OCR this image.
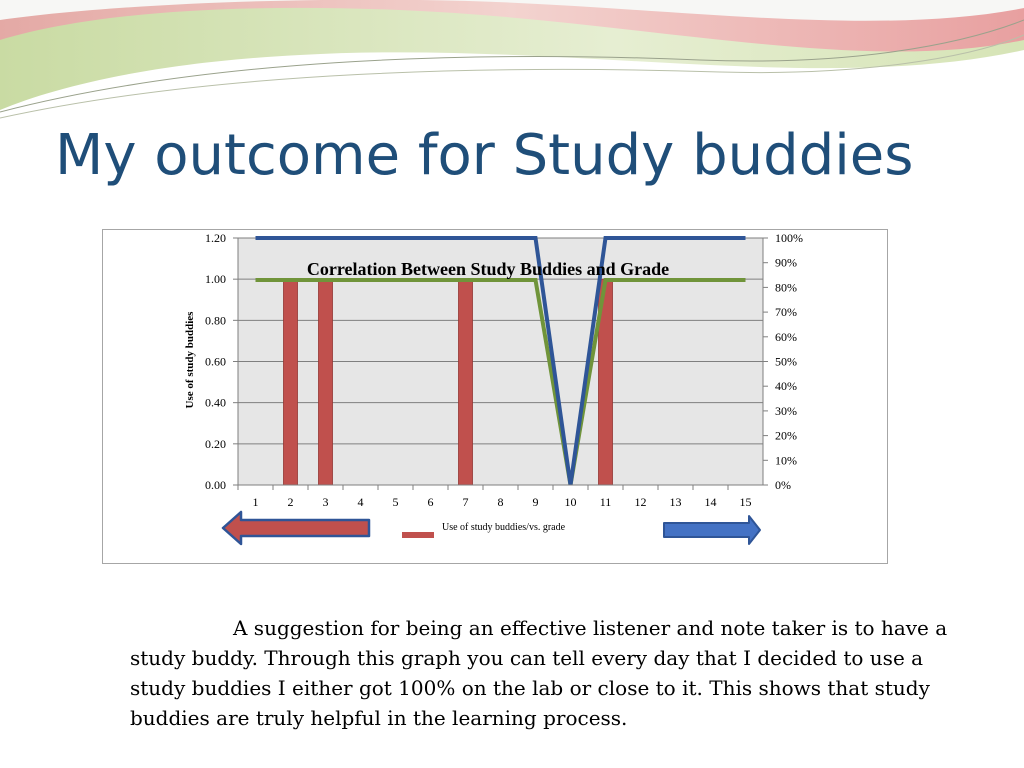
My outcome for Study buddies
0.00
0.20
0.40
0.60
0.80
1.00
1.20
0%
10%
20%
30%
40%
50%
60%
70%
80%
90%
100%
1 2 3 4 5 6 7 8 9 10 11 12 13 14 15
Correlation Between Study Buddies and Grade
Use of study buddies
Use of study buddies/vs. grade

A suggestion for being an effective listener and note taker is to have a study buddy. Through this graph you can tell every day that I decided to use a study buddies I either got 100% on the lab or close to it. This shows that study buddies are truly helpful in the learning process.
